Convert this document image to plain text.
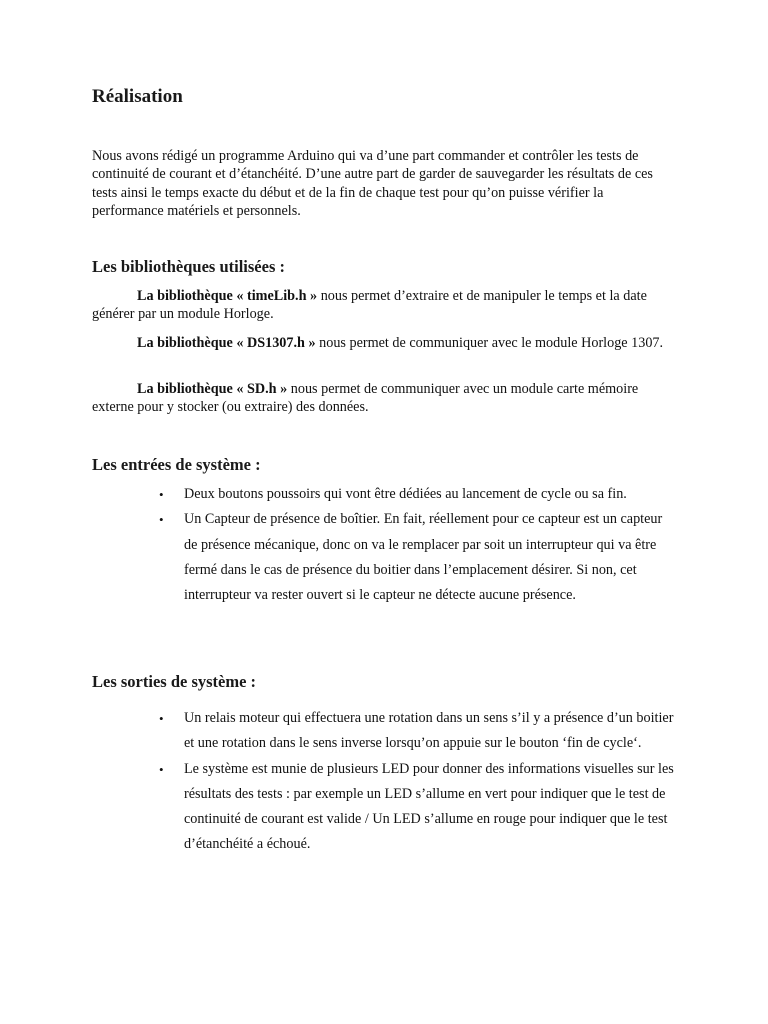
Réalisation

Nous avons rédigé un programme Arduino qui va d’une part commander et contrôler les tests de continuité de courant et d’étanchéité. D’une autre part de garder de sauvegarder les résultats de ces tests ainsi le temps exacte du début et de la fin de chaque test pour qu’on puisse vérifier la performance matériels et personnels.

Les bibliothèques utilisées :

La bibliothèque « timeLib.h » nous permet d’extraire et de manipuler le temps et la date générer par un module Horloge.

La bibliothèque « DS1307.h » nous permet de communiquer avec le module Horloge 1307.

La bibliothèque « SD.h » nous permet de communiquer avec un module carte mémoire externe pour y stocker (ou extraire) des données.

Les entrées de système :
• Deux boutons poussoirs qui vont être dédiées au lancement de cycle ou sa fin.
• Un Capteur de présence de boîtier. En fait, réellement pour ce capteur est un capteur de présence mécanique, donc on va le remplacer par soit un interrupteur qui va être fermé dans le cas de présence du boitier dans l’emplacement désirer. Si non, cet interrupteur va rester ouvert si le capteur ne détecte aucune présence.
Les sorties de système :
• Un relais moteur qui effectuera une rotation dans un sens s’il y a présence d’un boitier et une rotation dans le sens inverse lorsqu’on appuie sur le bouton ‘fin de cycle‘.
• Le système est munie de plusieurs LED pour donner des informations visuelles sur les résultats des tests : par exemple un LED s’allume en vert pour indiquer que le test de continuité de courant est valide / Un LED s’allume en rouge pour indiquer que le test d’étanchéité a échoué.
